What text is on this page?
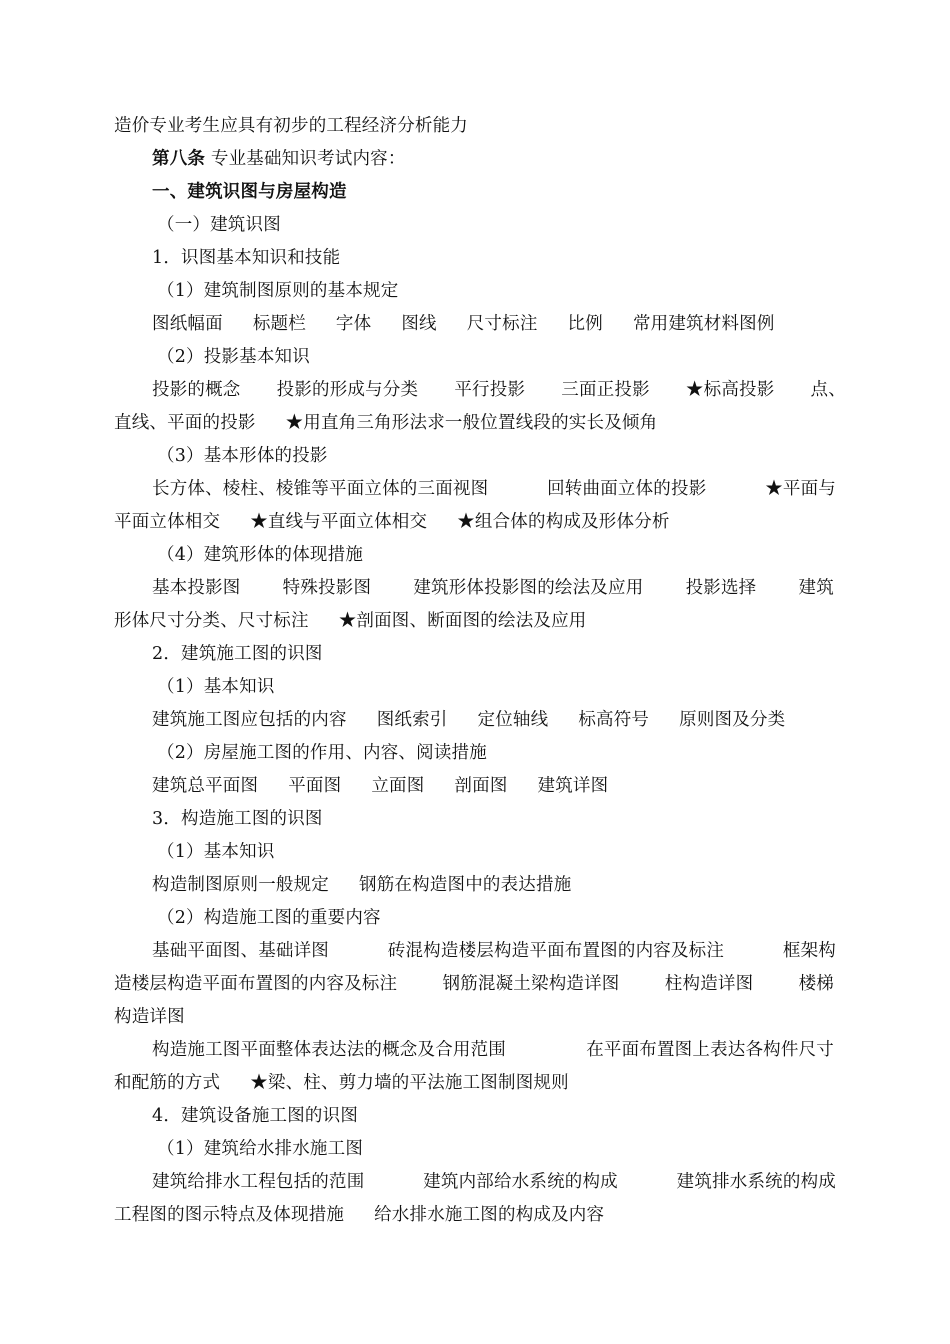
造价专业考生应具有初步的工程经济分析能力
第八条 专业基础知识考试内容：
一、建筑识图与房屋构造
（一）建筑识图
1．识图基本知识和技能
（1）建筑制图原则的基本规定
图纸幅面 标题栏 字体 图线 尺寸标注 比例 常用建筑材料图例
（2）投影基本知识
投影的概念 投影的形成与分类 平行投影 三面正投影 ★标高投影 点、
直线、平面的投影 ★用直角三角形法求一般位置线段的实长及倾角
（3）基本形体的投影
长方体、棱柱、棱锥等平面立体的三面视图	回转曲面立体的投影	★平面与
平面立体相交 ★直线与平面立体相交 ★组合体的构成及形体分析
（4）建筑形体的体现措施
基本投影图 特殊投影图 建筑形体投影图的绘法及应用 投影选择 建筑
形体尺寸分类、尺寸标注 ★剖面图、断面图的绘法及应用
2．建筑施工图的识图
（1）基本知识
建筑施工图应包括的内容 图纸索引 定位轴线 标高符号 原则图及分类
（2）房屋施工图的作用、内容、阅读措施
建筑总平面图 平面图 立面图 剖面图 建筑详图
3．构造施工图的识图
（1）基本知识
构造制图原则一般规定 钢筋在构造图中的表达措施
（2）构造施工图的重要内容
基础平面图、基础详图	砖混构造楼层构造平面布置图的内容及标注	框架构
造楼层构造平面布置图的内容及标注	钢筋混凝土梁构造详图	柱构造详图	楼梯
构造详图
构造施工图平面整体表达法的概念及合用范围	在平面布置图上表达各构件尺寸
和配筋的方式 ★梁、柱、剪力墙的平法施工图制图规则
4．建筑设备施工图的识图
（1）建筑给水排水施工图
建筑给排水工程包括的范围	建筑内部给水系统的构成	建筑排水系统的构成
工程图的图示特点及体现措施 给水排水施工图的构成及内容
